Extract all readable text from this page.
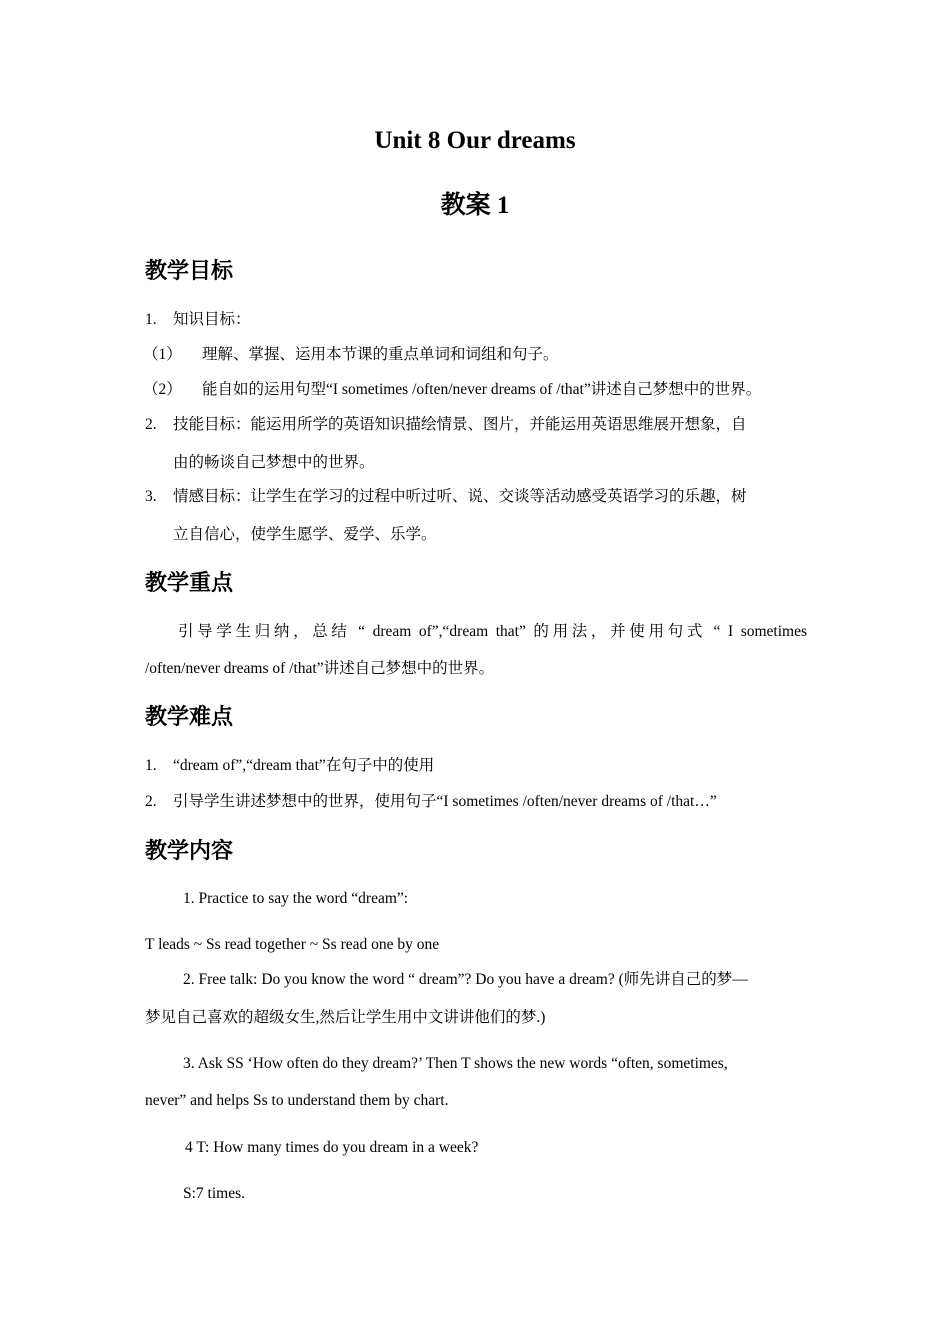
Unit 8 Our dreams
教案 1
教学目标
1. 知识目标：
（1） 理解、掌握、运用本节课的重点单词和词组和句子。
（2） 能自如的运用句型“I sometimes /often/never dreams of /that”讲述自己梦想中的世界。
2. 技能目标：能运用所学的英语知识描绘情景、图片，并能运用英语思维展开想象，自
由的畅谈自己梦想中的世界。
3. 情感目标：让学生在学习的过程中听过听、说、交谈等活动感受英语学习的乐趣，树
立自信心，使学生愿学、爱学、乐学。
教学重点
引导学生归纳，总结 “ dream of”,“dream that” 的用法，并使用句式 “ I sometimes
/often/never dreams of /that”讲述自己梦想中的世界。
教学难点
1. “dream of”,“dream that”在句子中的使用
2. 引导学生讲述梦想中的世界，使用句子“I sometimes /often/never dreams of /that…”
教学内容
1. Practice to say the word “dream”:
T leads ~ Ss read together ~ Ss read one by one
2. Free talk: Do you know the word “ dream”? Do you have a dream? (师先讲自己的梦—
梦见自己喜欢的超级女生,然后让学生用中文讲讲他们的梦.)
3. Ask SS ‘How often do they dream?’ Then T shows the new words “often, sometimes,
never” and helps Ss to understand them by chart.
4 T: How many times do you dream in a week?
S:7 times.
